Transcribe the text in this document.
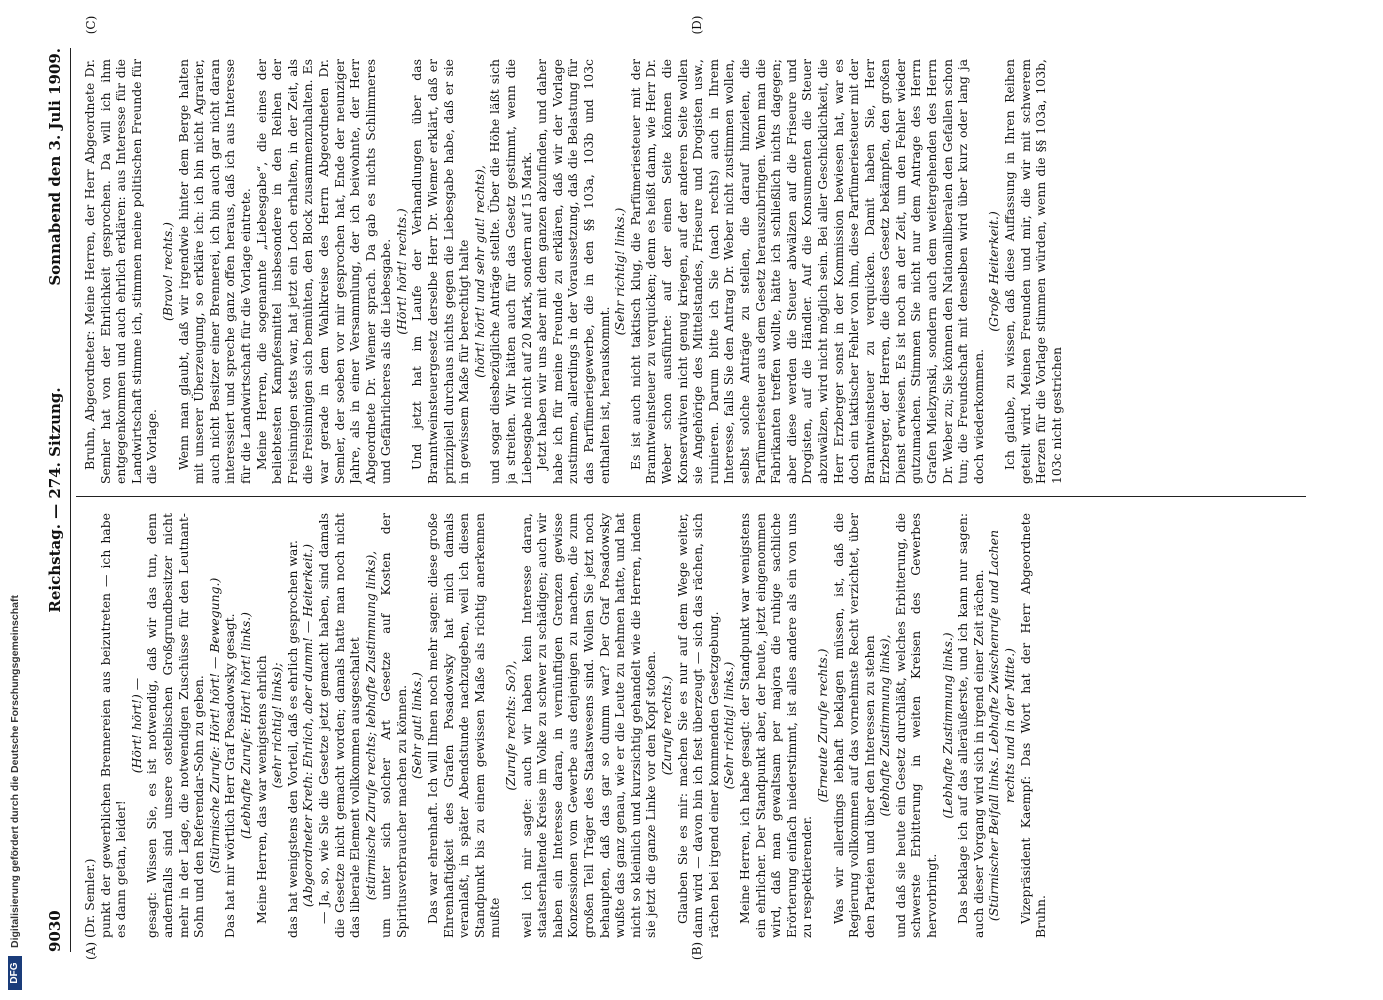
9030
Reichstag. — 274. Sitzung.
Sonnabend den 3. Juli 1909.
(A)	(B)
(C)	(D)

(Dr. Semler.) punkt der gewerblichen Brennereien aus beizutreten — ich habe es dann getan, leider!

(Hört! hört!) — gesagt: Wissen Sie, es ist notwendig, daß wir das tun, denn andernfalls sind unsere ostelbischen Großgrundbesitzer nicht mehr in der Lage, die notwendigen Zuschüsse für den Leutnant-Sohn und den Referendar-Sohn zu geben. (Stürmische Zurufe: Hört! hört! — Bewegung.) Das hat mir wörtlich Herr Graf Posadowsky gesagt. (Lebhafte Zurufe: Hört! hört! links.) Meine Herren, das war wenigstens ehrlich (sehr richtig! links); das hat wenigstens den Vorteil, daß es ehrlich gesprochen war. (Abgeordneter Kreth: Ehrlich, aber dumm! — Heiterkeit.) — Ja, so, wie Sie die Gesetze jetzt gemacht haben, sind damals die Gesetze nicht gemacht worden; damals hatte man noch nicht das liberale Element vollkommen ausgeschaltet (stürmische Zurufe rechts; lebhafte Zustimmung links), um unter sich solcher Art Gesetze auf Kosten der Spiritusverbraucher machen zu können. (Sehr gut! links.) Das war ehrenhaft. Ich will Ihnen noch mehr sagen: diese große Ehrenhaftigkeit des Grafen Posadowsky hat mich damals veranlaßt, in später Abendstunde nachzugeben, weil ich diesen Standpunkt bis zu einem gewissen Maße als richtig anerkennen mußte

(Zurufe rechts: So?), weil ich mir sagte: auch wir haben kein Interesse daran, staatserhaltende Kreise im Volke zu schwer zu schädigen; auch wir haben ein Interesse daran, in vernünftigen Grenzen gewisse Konzessionen vom Gewerbe aus denjenigen zu machen, die zum großen Teil Träger des Staatswesens sind. Wollen Sie jetzt noch behaupten, daß das gar so dumm war? Der Graf Posadowsky wußte das ganz genau, wie er die Leute zu nehmen hatte, und hat nicht so kleinlich und kurzsichtig gehandelt wie die Herren, indem sie jetzt die ganze Linke vor den Kopf stoßen. (Zurufe rechts.) Glauben Sie es mir: machen Sie es nur auf dem Wege weiter, dann wird — davon bin ich fest überzeugt — sich das rächen, sich rächen bei irgend einer kommenden Gesetzgebung. (Sehr richtig! links.) Meine Herren, ich habe gesagt: der Standpunkt war wenigstens ein ehrlicher. Der Standpunkt aber, der heute, jetzt eingenommen wird, daß man gewaltsam per majora die ruhige sachliche Erörterung einfach niederstimmt, ist alles andere als ein von uns zu respektierender.

(Erneute Zurufe rechts.) Was wir allerdings lebhaft beklagen müssen, ist, daß die Regierung vollkommen auf das vornehmste Recht verzichtet, über den Parteien und über den Interessen zu stehen (lebhafte Zustimmung links), und daß sie heute ein Gesetz durchläßt, welches Erbitterung, die schwerste Erbitterung in weiten Kreisen des Gewerbes hervorbringt.

(Lebhafte Zustimmung links.) Das beklage ich auf das alleräußerste, und ich kann nur sagen: auch dieser Vorgang wird sich in irgend einer Zeit rächen. (Stürmischer Beifall links. Lebhafte Zwischenrufe und Lachen rechts und in der Mitte.) Vizepräsident Kaempf: Das Wort hat der Herr Abgeordnete Bruhn.

Bruhn, Abgeordneter: Meine Herren, der Herr Abgeordnete Dr. Semler hat von der Ehrlichkeit gesprochen. Da will ich ihm entgegenkommen und auch ehrlich erklären: aus Interesse für die Landwirtschaft stimme ich, stimmen meine politischen Freunde für die Vorlage.

(Bravo! rechts.) Wenn man glaubt, daß wir irgendwie hinter dem Berge halten mit unserer Überzeugung, so erkläre ich: ich bin nicht Agrarier, auch nicht Besitzer einer Brennerei, ich bin auch gar nicht daran interessiert und spreche ganz offen heraus, daß ich aus Interesse für die Landwirtschaft für die Vorlage eintrete. Meine Herren, die sogenannte „Liebesgabe“, die eines der beliebtesten Kampfesmittel insbesondere in den Reihen der Freisinnigen stets war, hat jetzt ein Loch erhalten, in der Zeit, als die Freisinnigen sich bemühten, den Block zusammenzuhalten. Es war gerade in dem Wahlkreise des Herrn Abgeordneten Dr. Semler, der soeben vor mir gesprochen hat, Ende der neunziger Jahre, als in einer Versammlung, der ich beiwohnte, der Herr Abgeordnete Dr. Wiemer sprach. Da gab es nichts Schlimmeres und Gefährlicheres als die Liebesgabe. (Hört! hört! rechts.) Und jetzt hat im Laufe der Verhandlungen über das Branntweinsteuergesetz derselbe Herr Dr. Wiemer erklärt, daß er prinzipiell durchaus nichts gegen die Liebesgabe habe, daß er sie in gewissem Maße für berechtigt halte (hört! hört! und sehr gut! rechts), und sogar diesbezügliche Anträge stellte. Über die Höhe läßt sich ja streiten. Wir hätten auch für das Gesetz gestimmt, wenn die Liebesgabe nicht auf 20 Mark, sondern auf 15 Mark. Jetzt haben wir uns aber mit dem ganzen abzufinden, und daher habe ich für meine Freunde zu erklären, daß wir der Vorlage zustimmen, allerdings in der Voraussetzung, daß die Belastung für das Parfümeriegewerbe, die in den §§ 103a, 103b und 103c enthalten ist, herauskommt.

(Sehr richtig! links.) Es ist auch nicht taktisch klug, die Parfümeriesteuer mit der Branntweinsteuer zu verquicken; denn es heißt dann, wie Herr Dr. Weber schon ausführte: auf der einen Seite können die Konservativen nicht genug kriegen, auf der anderen Seite wollen sie Angehörige des Mittelstandes, Friseure und Drogisten usw., ruinieren. Darum bitte ich Sie (nach rechts) auch in Ihrem Interesse, falls Sie den Antrag Dr. Weber nicht zustimmen wollen, selbst solche Anträge zu stellen, die darauf hinzielen, die Parfümeriesteuer aus dem Gesetz herauszubringen. Wenn man die Fabrikanten treffen wollte, hätte ich schließlich nichts dagegen; aber diese werden die Steuer abwälzen auf die Friseure und Drogisten, auf die Händler. Auf die Konsumenten die Steuer abzuwälzen, wird nicht möglich sein. Bei aller Geschicklichkeit, die Herr Erzberger sonst in der Kommission bewiesen hat, war es doch ein taktischer Fehler von ihm, diese Parfümeriesteuer mit der Branntweinsteuer zu verquicken. Damit haben Sie, Herr Erzberger, der Herren, die dieses Gesetz bekämpfen, den großen Dienst erwiesen. Es ist noch an der Zeit, um den Fehler wieder gutzumachen. Stimmen Sie nicht nur dem Antrage des Herrn Grafen Mielzynski, sondern auch dem weitergehenden des Herrn Dr. Weber zu; Sie können den Nationalliberalen den Gefallen schon tun; die Freundschaft mit denselben wird über kurz oder lang ja doch wiederkommen.

(Große Heiterkeit.) Ich glaube, zu wissen, daß diese Auffassung in Ihren Reihen geteilt wird. Meinen Freunden und mir, die wir mit schwerem Herzen für die Vorlage stimmen würden, wenn die §§ 103a, 103b, 103c nicht gestrichen

DFG
Digitalisierung gefördert durch die Deutsche Forschungsgemeinschaft
